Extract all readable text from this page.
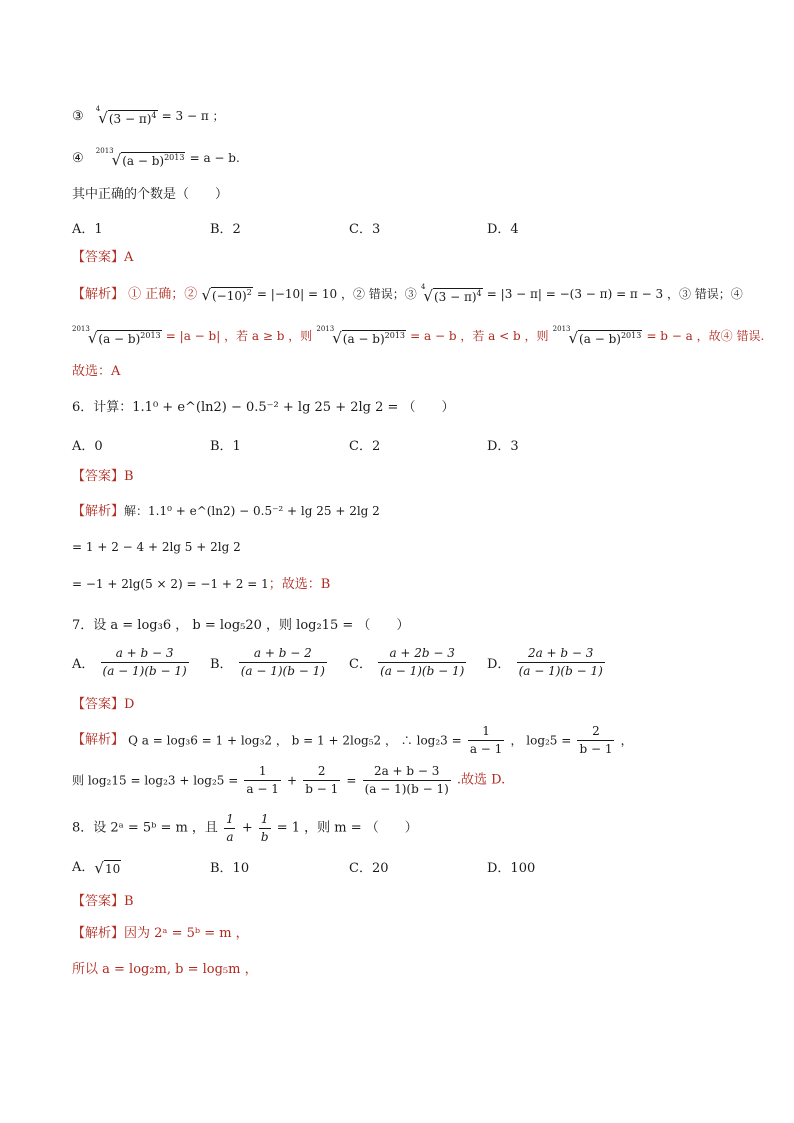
③
4
√ $(3 - \pi)^4 = 3 - \pi$ ；
④
2013
√ $(a - b)^{2013} = a - b$.
其中正确的个数是（　　）
A．1	B．2	C．3	D．4
【答案】A
【解析】 ① 正确；② √ $(-10)^2 = |-10| = 10$ ，② 错误；③
4
√ $(3 - \pi)^4 = |3 - \pi| = -(3 - \pi) = \pi - 3$ ，③ 错误；④
2013
√ $(a - b)^{2013} = |a - b|$ ，若 a ≥ b ，则
2013
√ $(a - b)^{2013} = a - b$ ，若 a < b ，则
2013
√ $(a - b)^{2013} = b - a$ ，故④ 错误.
故选：A
6．计算：1.1⁰ + e^(ln2) − 0.5⁻² + lg 25 + 2lg 2 = （　　）
A．0	B．1	C．2	D．3
【答案】B
【解析】解：1.1⁰ + e^(ln2) − 0.5⁻² + lg 25 + 2lg 2
= 1 + 2 − 4 + 2lg 5 + 2lg 2
= −1 + 2lg(5 × 2) = −1 + 2 = 1；故选：B
7．设 a = log₃6 ， b = log₅20 ，则 log₂15 = （　　）
A． $\frac{a + b - 3}{(a - 1)(b - 1)}$ B． $\frac{a + b - 2}{(a - 1)(b - 1)}$ C． $\frac{a + 2b - 3}{(a - 1)(b - 1)}$ D． $\frac{2a + b - 3}{(a - 1)(b - 1)}$
【答案】D
【解析】 Q a = log₃6 = 1 + log₃2 ， b = 1 + 2log₅2 ， ∴ $\log_23 = \frac{1}{a - 1}$ ， $\log_25 = \frac{2}{b - 1}$ ，
则 $\log_215 = \log_23 + \log_25 = \frac{1}{a - 1} + \frac{2}{b - 1} = \frac{2a + b - 3}{(a - 1)(b - 1)}$ .故选 D.
8．设 2ᵃ = 5ᵇ = m ，且 $\frac{1}{a} + \frac{1}{b} = 1$ ，则 m = （　　）
A． √ 10	B．10	C．20	D．100
【答案】B
【解析】因为 2ᵃ = 5ᵇ = m ，
所以 a = log₂m, b = log₅m ，
